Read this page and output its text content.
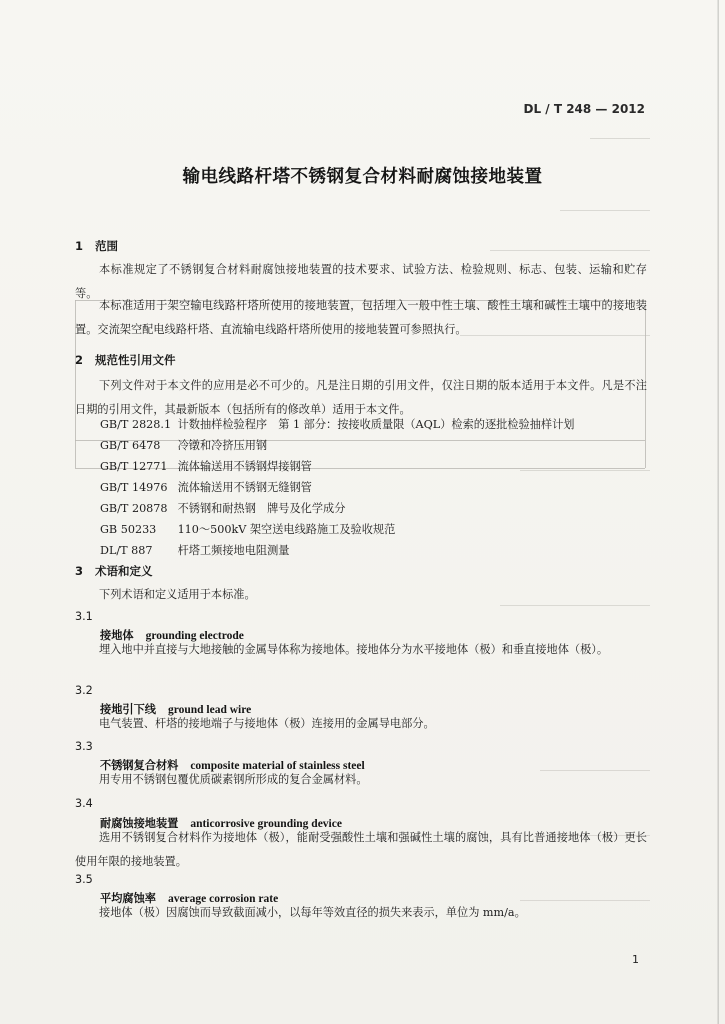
DL / T 248 — 2012
输电线路杆塔不锈钢复合材料耐腐蚀接地装置
1 范围
本标准规定了不锈钢复合材料耐腐蚀接地装置的技术要求、试验方法、检验规则、标志、包装、运输和贮存等。
本标准适用于架空输电线路杆塔所使用的接地装置，包括埋入一般中性土壤、酸性土壤和碱性土壤中的接地装置。交流架空配电线路杆塔、直流输电线路杆塔所使用的接地装置可参照执行。
2 规范性引用文件
下列文件对于本文件的应用是必不可少的。凡是注日期的引用文件，仅注日期的版本适用于本文件。凡是不注日期的引用文件，其最新版本（包括所有的修改单）适用于本文件。
GB/T 2828.1 计数抽样检验程序　第 1 部分：按接收质量限（AQL）检索的逐批检验抽样计划
GB/T 6478 冷镦和冷挤压用钢
GB/T 12771 流体输送用不锈钢焊接钢管
GB/T 14976 流体输送用不锈钢无缝钢管
GB/T 20878 不锈钢和耐热钢　牌号及化学成分
GB 50233 110～500kV 架空送电线路施工及验收规范
DL/T 887 杆塔工频接地电阻测量
3 术语和定义
下列术语和定义适用于本标准。
3.1
接地体 grounding electrode
埋入地中并直接与大地接触的金属导体称为接地体。接地体分为水平接地体（极）和垂直接地体（极）。
3.2
接地引下线 ground lead wire
电气装置、杆塔的接地端子与接地体（极）连接用的金属导电部分。
3.3
不锈钢复合材料 composite material of stainless steel
用专用不锈钢包覆优质碳素钢所形成的复合金属材料。
3.4
耐腐蚀接地装置 anticorrosive grounding device
选用不锈钢复合材料作为接地体（极），能耐受强酸性土壤和强碱性土壤的腐蚀，具有比普通接地体（极）更长使用年限的接地装置。
3.5
平均腐蚀率 average corrosion rate
接地体（极）因腐蚀而导致截面减小，以每年等效直径的损失来表示，单位为 mm/a。
1
